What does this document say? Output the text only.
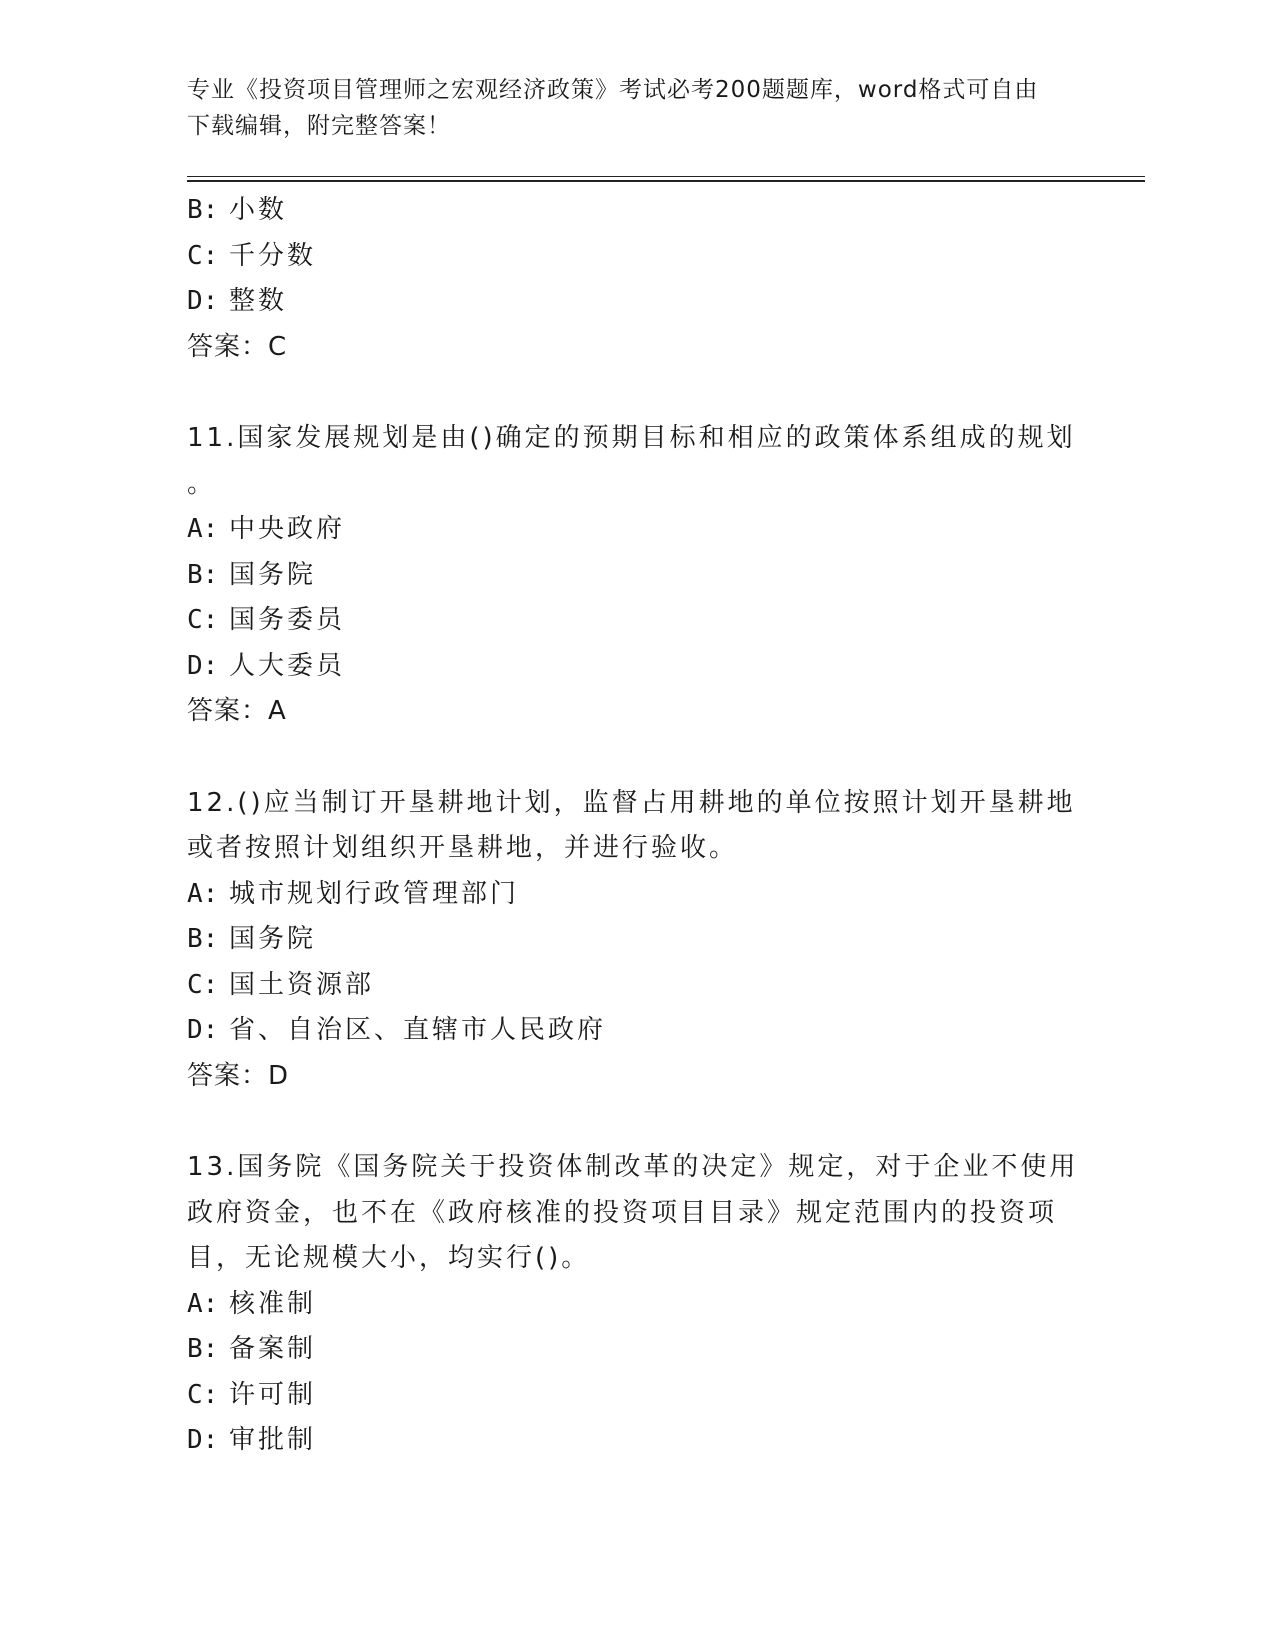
专业《投资项目管理师之宏观经济政策》考试必考200题题库，word格式可自由
下载编辑，附完整答案！
B: 小数
C: 千分数
D: 整数
答案：C
11.国家发展规划是由()确定的预期目标和相应的政策体系组成的规划
。
A: 中央政府
B: 国务院
C: 国务委员
D: 人大委员
答案：A
12.()应当制订开垦耕地计划，监督占用耕地的单位按照计划开垦耕地
或者按照计划组织开垦耕地，并进行验收。
A: 城市规划行政管理部门
B: 国务院
C: 国土资源部
D: 省、自治区、直辖市人民政府
答案：D
13.国务院《国务院关于投资体制改革的决定》规定，对于企业不使用
政府资金，也不在《政府核准的投资项目目录》规定范围内的投资项
目，无论规模大小，均实行()。
A: 核准制
B: 备案制
C: 许可制
D: 审批制
